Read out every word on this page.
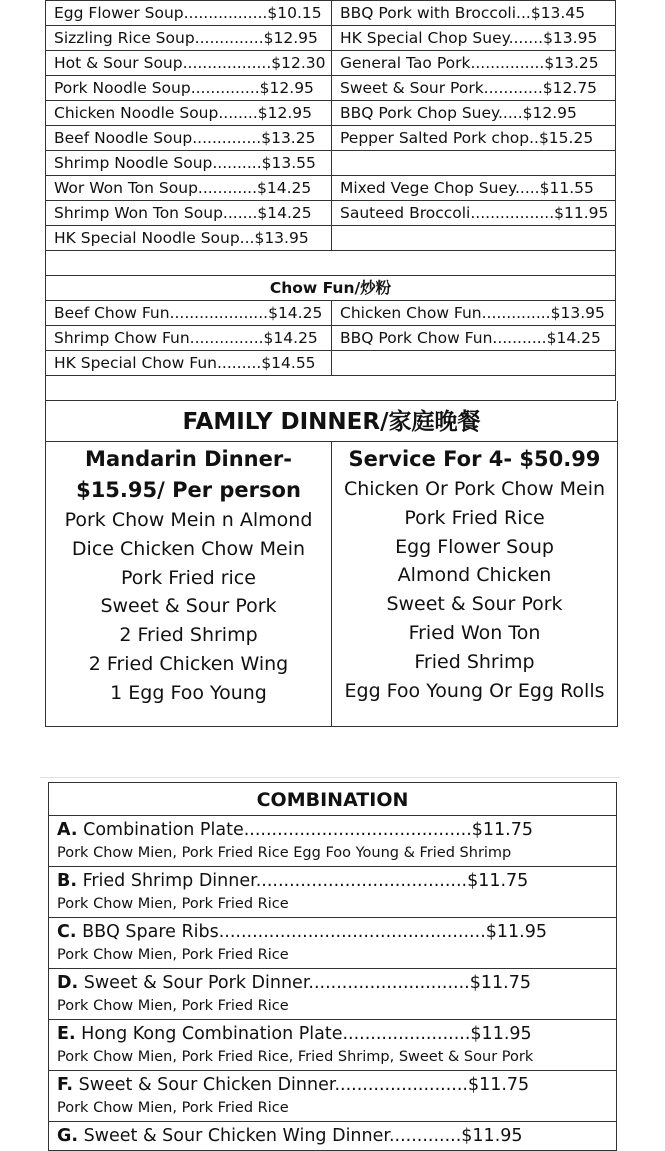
Egg Flower Soup.................$10.15	BBQ Pork with Broccoli...$13.45
Sizzling Rice Soup..............$12.95	HK Special Chop Suey.......$13.95
Hot & Sour Soup..................$12.30	General Tao Pork...............$13.25
Pork Noodle Soup..............$12.95	Sweet & Sour Pork............$12.75
Chicken Noodle Soup........$12.95	BBQ Pork Chop Suey.....$12.95
Beef Noodle Soup..............$13.25	Pepper Salted Pork chop..$15.25
Shrimp Noodle Soup..........$13.55	
Wor Won Ton Soup............$14.25	Mixed Vege Chop Suey.....$11.55
Shrimp Won Ton Soup.......$14.25	Sauteed Broccoli.................$11.95
HK Special Noodle Soup...$13.95	

Chow Fun/炒粉	
Beef Chow Fun....................$14.25	Chicken Chow Fun..............$13.95
Shrimp Chow Fun...............$14.25	BBQ Pork Chow Fun...........$14.25
HK Special Chow Fun.........$14.55	

FAMILY DINNER/家庭晚餐
Mandarin Dinner-
$15.95/ Per person
Pork Chow Mein n Almond
Dice Chicken Chow Mein
Pork Fried rice
Sweet & Sour Pork
2 Fried Shrimp
2 Fried Chicken Wing
1 Egg Foo Young
Service For 4- $50.99
Chicken Or Pork Chow Mein
Pork Fried Rice
Egg Flower Soup
Almond Chicken
Sweet & Sour Pork
Fried Won Ton
Fried Shrimp
Egg Foo Young Or Egg Rolls
COMBINATION
A. Combination Plate.........................................$11.75
Pork Chow Mien, Pork Fried Rice Egg Foo Young & Fried Shrimp
B. Fried Shrimp Dinner......................................$11.75
Pork Chow Mien, Pork Fried Rice
C. BBQ Spare Ribs................................................$11.95
Pork Chow Mien, Pork Fried Rice
D. Sweet & Sour Pork Dinner.............................$11.75
Pork Chow Mien, Pork Fried Rice
E. Hong Kong Combination Plate.......................$11.95
Pork Chow Mien, Pork Fried Rice, Fried Shrimp, Sweet & Sour Pork
F. Sweet & Sour Chicken Dinner........................$11.75
Pork Chow Mien, Pork Fried Rice
G. Sweet & Sour Chicken Wing Dinner.............$11.95
